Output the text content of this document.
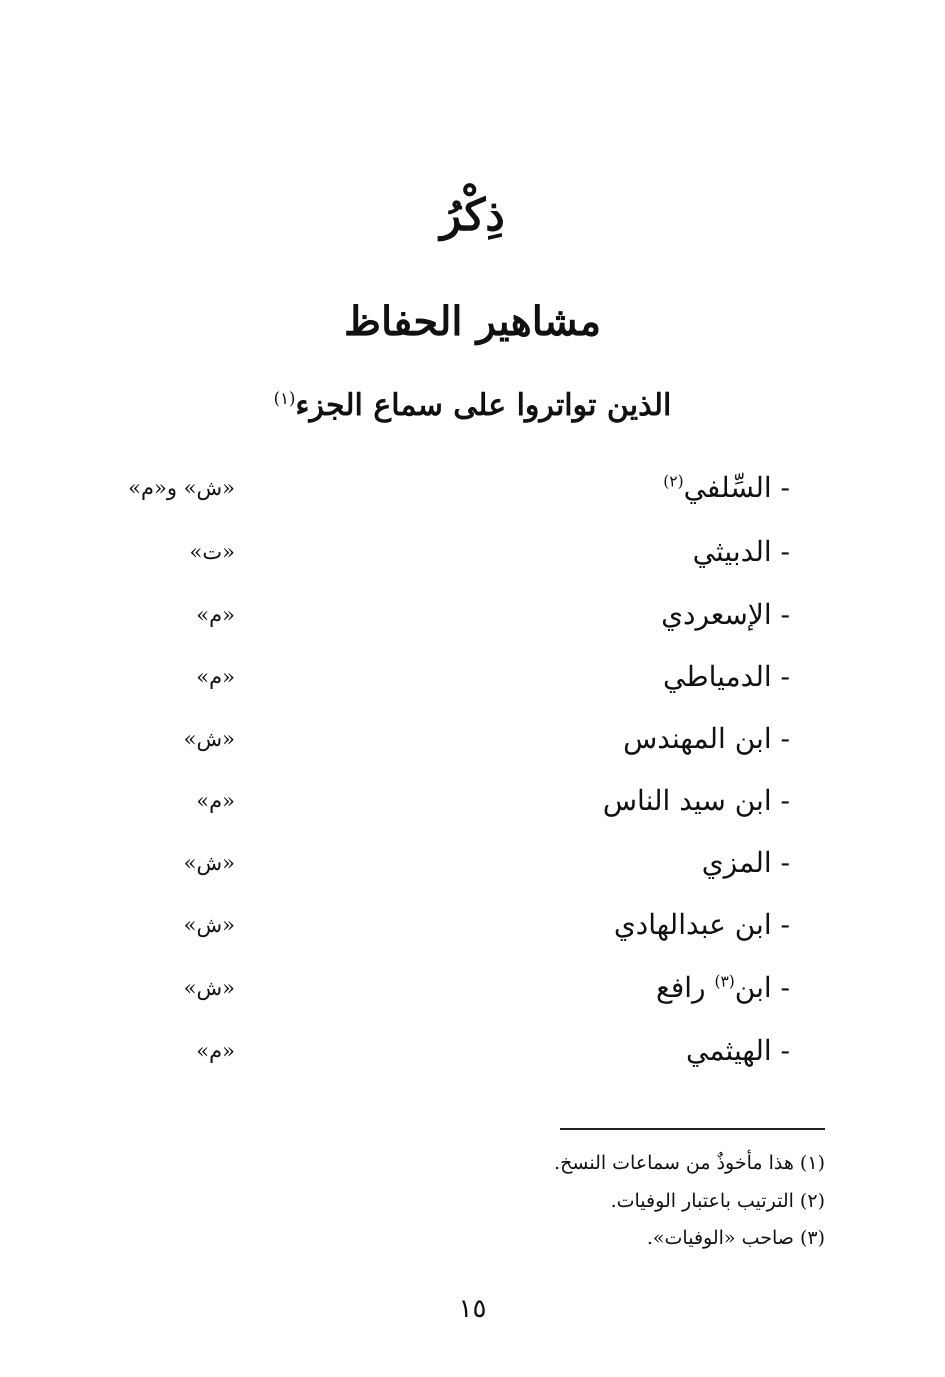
ذِكْرُ
مشاهير الحفاظ
الذين تواتروا على سماع الجزء$^{(١)}$
- السِّلفي$^{(٢)}$
«ش» و«م»
- الدبيثي
«ت»
- الإسعردي
«م»
- الدمياطي
«م»
- ابن المهندس
«ش»
- ابن سيد الناس
«م»
- المزي
«ش»
- ابن عبدالهادي
«ش»
- ابن$^{(٣)}$ رافع
«ش»
- الهيثمي
«م»
(١) هذا مأخوذٌ من سماعات النسخ.
(٢) الترتيب باعتبار الوفيات.
(٣) صاحب «الوفيات».
١٥
